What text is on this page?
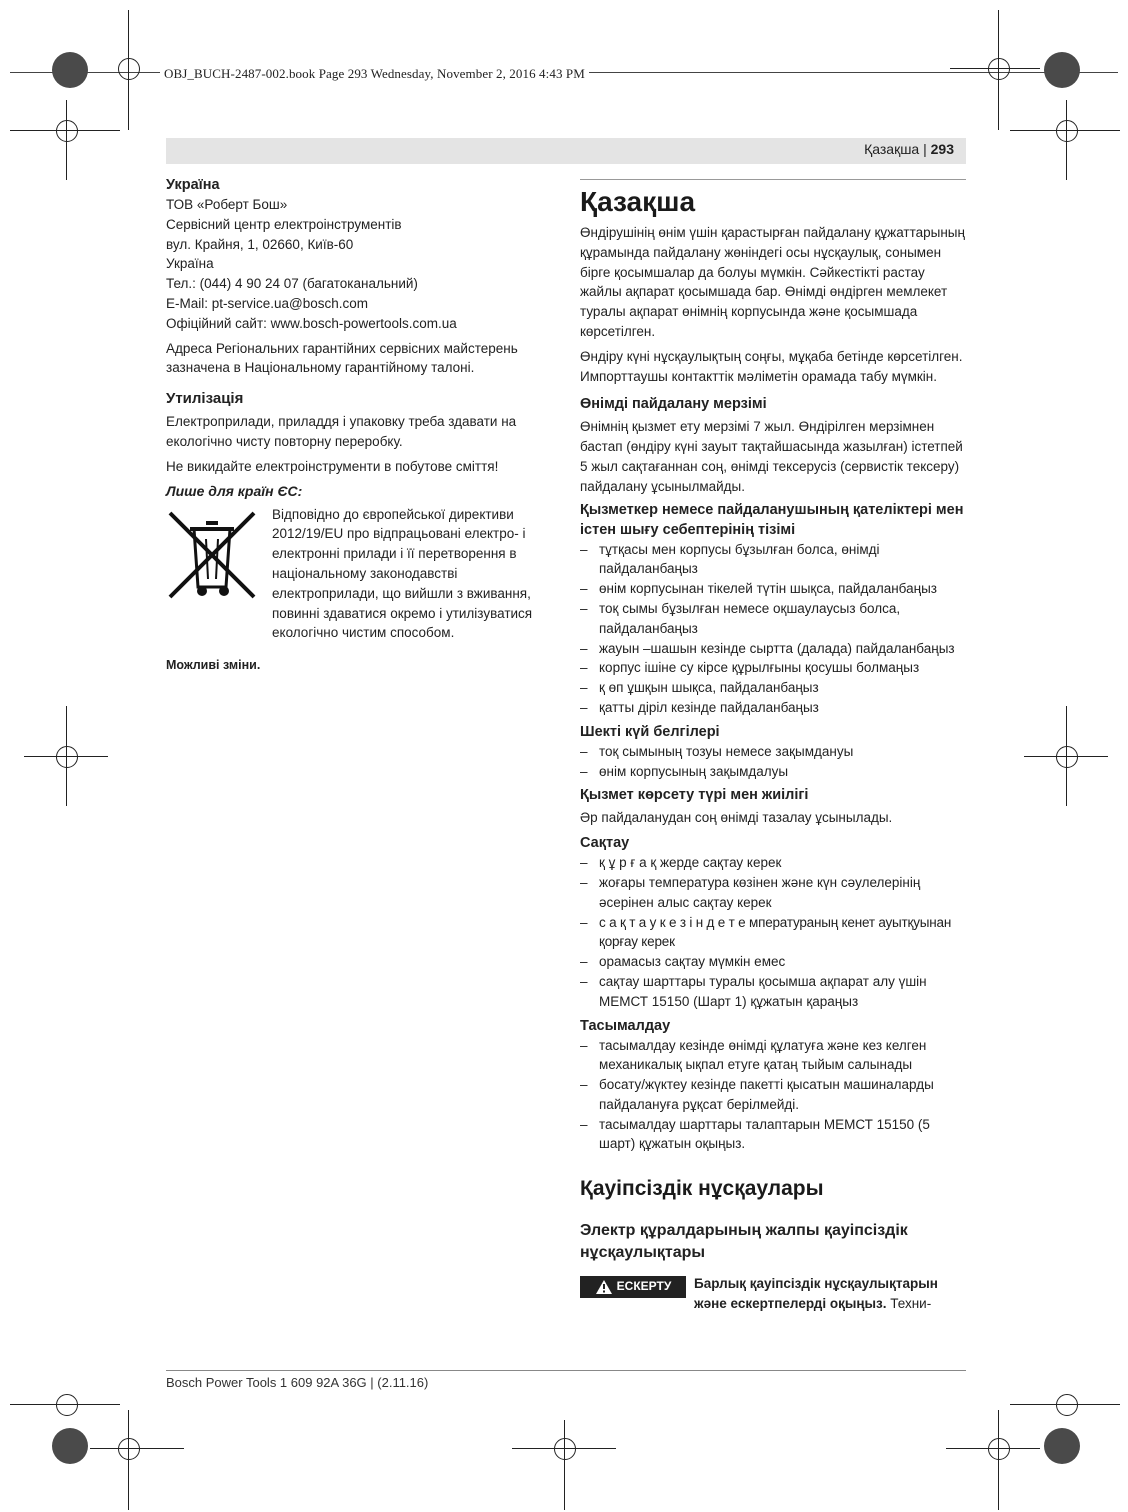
OBJ_BUCH-2487-002.book Page 293 Wednesday, November 2, 2016 4:43 PM
Қазақша | 293

Україна

ТОВ «Роберт Бош»
Сервісний центр електроінструментів
вул. Крайня, 1, 02660, Київ-60
Україна
Тел.: (044) 4 90 24 07 (багатоканальний)
E-Mail: pt-service.ua@bosch.com
Офіційний сайт: www.bosch-powertools.com.ua

Адреса Регіональних гарантійних сервісних майстерень зазначена в Національному гарантійному талоні.

Утилізація

Електроприлади, приладдя і упаковку треба здавати на екологічно чисту повторну переробку.

Не викидайте електроінструменти в побутове сміття!

Лише для країн ЄС:

Відповідно до європейської директиви 2012/19/EU про відпрацьовані електро- і електронні прилади і її перетворення в національному законодавстві електроприлади, що вийшли з вживання, повинні здаватися окремо і утилізуватися екологічно чистим способом.

Можливі зміни.

Қазақша

Өндірушінің өнім үшін қарастырған пайдалану құжаттарының құрамында пайдалану жөніндегі осы нұсқаулық, сонымен бірге қосымшалар да болуы мүмкін. Сәйкестікті растау жайлы ақпарат қосымшада бар. Өнімді өндірген мемлекет туралы ақпарат өнімнің корпусында және қосымшада көрсетілген.

Өндіру күні нұсқаулықтың соңғы, мұқаба бетінде көрсетілген.

Импорттаушы контакттік мәліметін орамада табу мүмкін.

Өнімді пайдалану мерзімі

Өнімнің қызмет ету мерзімі 7 жыл. Өндірілген мерзімнен бастап (өндіру күні зауыт тақтайшасында жазылған) істетпей 5 жыл сақтағаннан соң, өнімді тексерусіз (сервистік тексеру) пайдалану ұсынылмайды.

Қызметкер немесе пайдаланушының қателіктері мен істен шығу себептерінің тізімі

– тұтқасы мен корпусы бұзылған болса, өнімді пайдаланбаңыз
– өнім корпусынан тікелей түтін шықса, пайдаланбаңыз
– тоқ сымы бұзылған немесе оқшаулаусыз болса, пайдаланбаңыз
– жауын –шашын кезінде сыртта (далада) пайдаланбаңыз
– корпус ішіне су кірсе құрылғыны қосушы болмаңыз
– қ өп ұшқын шықса, пайдаланбаңыз
– қатты діріл кезінде пайдаланбаңыз

Шекті күй белгілері

– тоқ сымының тозуы немесе зақымдануы
– өнім корпусының зақымдалуы

Қызмет көрсету түрі мен жиілігі

Әр пайдаланудан соң өнімді тазалау ұсынылады.

Сақтау

– қ ұ р ғ а қ жерде сақтау керек
– жоғары температура көзінен және күн сәулелерінің әсерінен алыс сақтау керек
– с а қ т а у к е з і н д е т е мпературaның кенет ауытқуынан қорғау керек
– орамасыз сақтау мүмкін емес
– сақтау шарттары туралы қосымша ақпарат алу үшін МЕМСТ 15150 (Шарт 1) құжатын қараңыз

Тасымалдау

– тасымалдау кезінде өнімді құлатуға және кез келген механикалық ықпал етуге қатаң тыйым салынады
– босату/жүктеу кезінде пакетті қысатын машиналарды пайдалануға рұқсат берілмейді.
– тасымалдау шарттары талаптарын МЕМСТ 15150 (5 шарт) құжатын оқыңыз.
Қауіпсіздік нұсқаулары
Электр құралдарының жалпы қауіпсіздік нұсқаулықтары
ЕСКЕРТУ Барлық қауіпсіздік нұсқаулықтарын және ескертпелерді оқыңыз. Техни-

Bosch Power Tools 1 609 92A 36G | (2.11.16)
